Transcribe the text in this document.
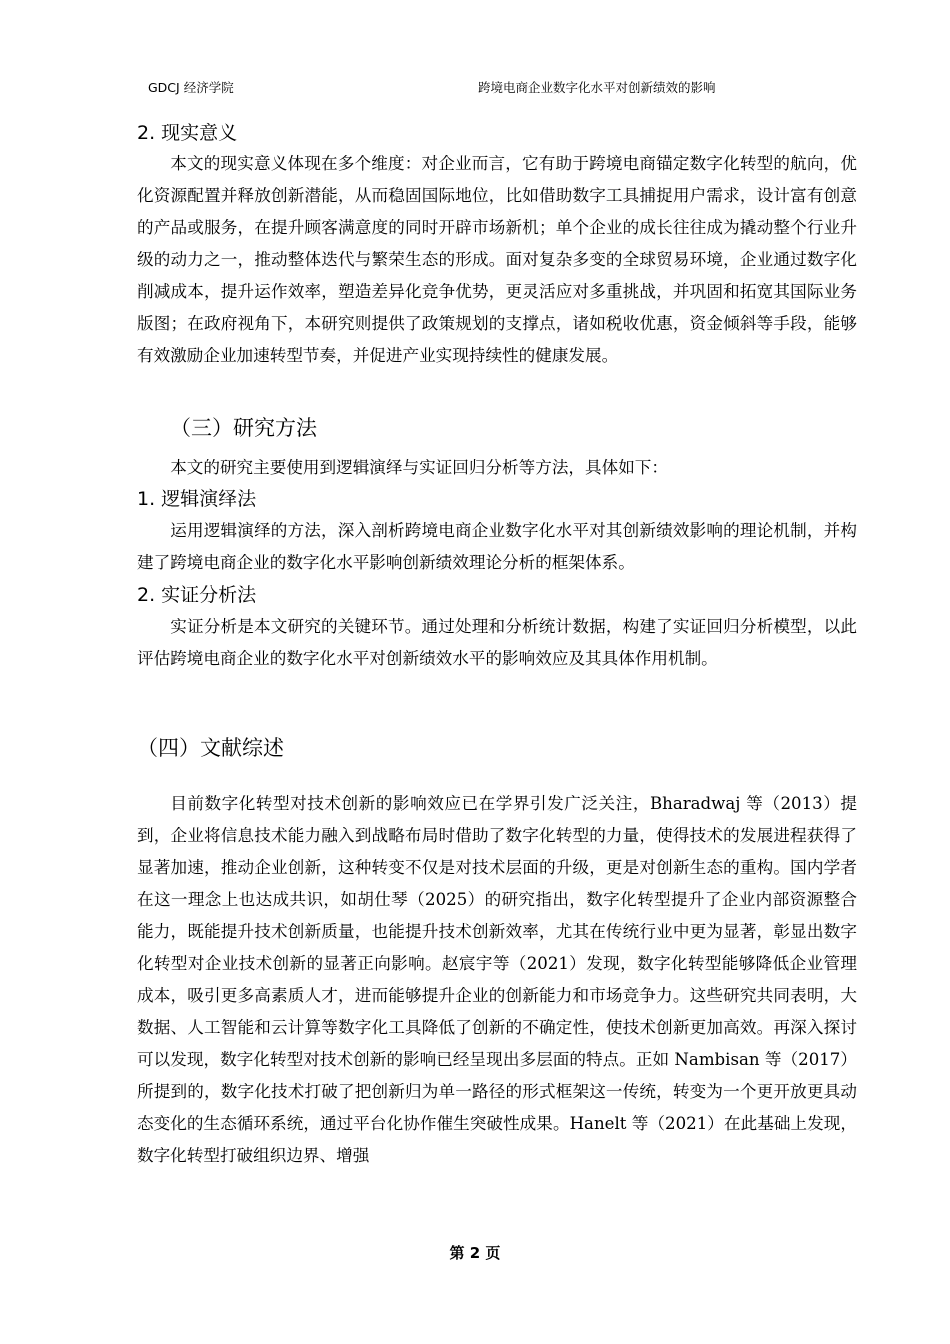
GDCJ 经济学院	跨境电商企业数字化水平对创新绩效的影响
2. 现实意义

本文的现实意义体现在多个维度：对企业而言，它有助于跨境电商锚定数字化转型的航向，优化资源配置并释放创新潜能，从而稳固国际地位，比如借助数字工具捕捉用户需求，设计富有创意的产品或服务，在提升顾客满意度的同时开辟市场新机；单个企业的成长往往成为撬动整个行业升级的动力之一，推动整体迭代与繁荣生态的形成。面对复杂多变的全球贸易环境，企业通过数字化削减成本，提升运作效率，塑造差异化竞争优势，更灵活应对多重挑战，并巩固和拓宽其国际业务版图；在政府视角下，本研究则提供了政策规划的支撑点，诸如税收优惠，资金倾斜等手段，能够有效激励企业加速转型节奏，并促进产业实现持续性的健康发展。

（三）研究方法

本文的研究主要使用到逻辑演绎与实证回归分析等方法，具体如下：

1. 逻辑演绎法

运用逻辑演绎的方法，深入剖析跨境电商企业数字化水平对其创新绩效影响的理论机制，并构建了跨境电商企业的数字化水平影响创新绩效理论分析的框架体系。

2. 实证分析法

实证分析是本文研究的关键环节。通过处理和分析统计数据，构建了实证回归分析模型，以此评估跨境电商企业的数字化水平对创新绩效水平的影响效应及其具体作用机制。

（四）文献综述

目前数字化转型对技术创新的影响效应已在学界引发广泛关注，Bharadwaj 等（2013）提到，企业将信息技术能力融入到战略布局时借助了数字化转型的力量，使得技术的发展进程获得了显著加速，推动企业创新，这种转变不仅是对技术层面的升级，更是对创新生态的重构。国内学者在这一理念上也达成共识，如胡仕琴（2025）的研究指出，数字化转型提升了企业内部资源整合能力，既能提升技术创新质量，也能提升技术创新效率，尤其在传统行业中更为显著，彰显出数字化转型对企业技术创新的显著正向影响。赵宸宇等（2021）发现，数字化转型能够降低企业管理成本，吸引更多高素质人才，进而能够提升企业的创新能力和市场竞争力。这些研究共同表明，大数据、人工智能和云计算等数字化工具降低了创新的不确定性，使技术创新更加高效。再深入探讨可以发现，数字化转型对技术创新的影响已经呈现出多层面的特点。正如 Nambisan 等（2017）所提到的，数字化技术打破了把创新归为单一路径的形式框架这一传统，转变为一个更开放更具动态变化的生态循环系统，通过平台化协作催生突破性成果。Hanelt 等（2021）在此基础上发现，数字化转型打破组织边界、增强

第 2 页
